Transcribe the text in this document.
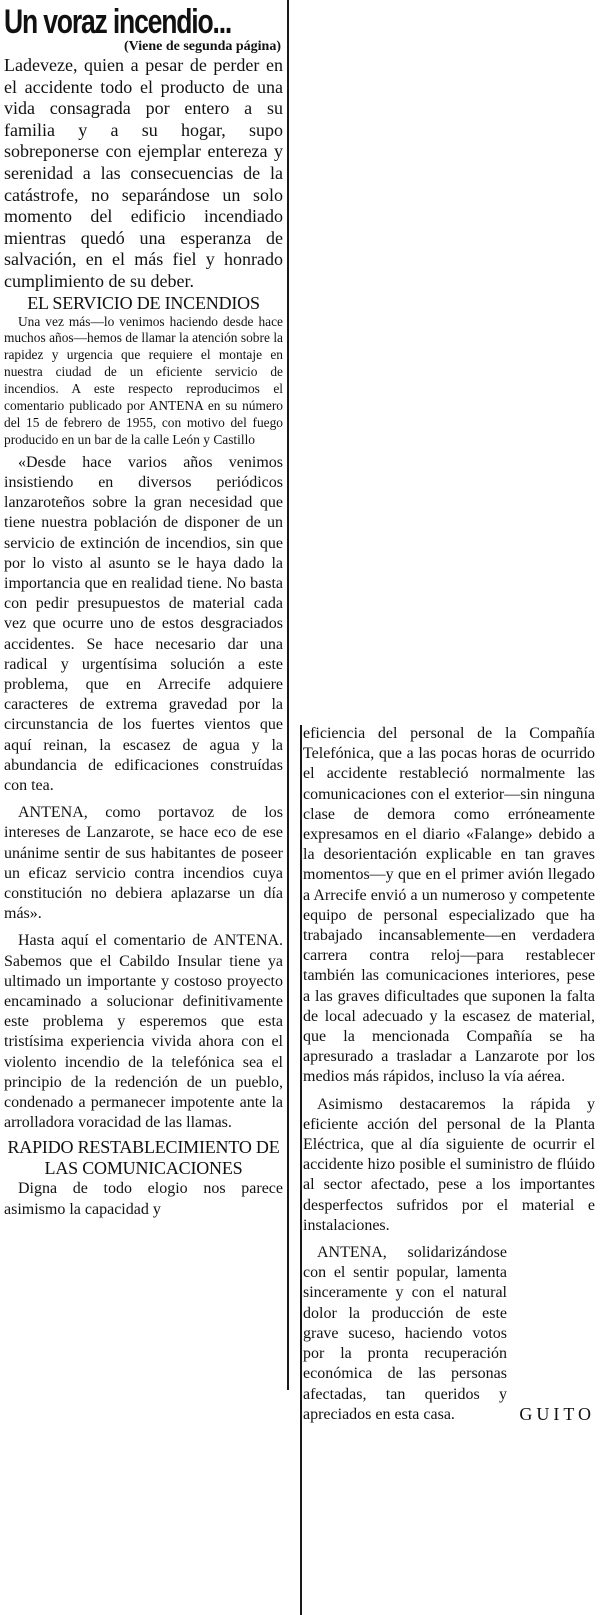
Un voraz incendio...
(Viene de segunda página)

Ladeveze, quien a pesar de perder en el accidente todo el producto de una vida consagrada por entero a su familia y a su hogar, supo sobreponerse con ejemplar entereza y serenidad a las consecuencias de la catástrofe, no separándose un solo momento del edificio incendiado mientras quedó una esperanza de salvación, en el más fiel y honrado cumplimiento de su deber.

EL SERVICIO DE INCENDIOS

Una vez más—lo venimos haciendo desde hace muchos años—hemos de llamar la atención sobre la rapidez y urgencia que requiere el montaje en nuestra ciudad de un eficiente servicio de incendios. A este respecto reproducimos el comentario publicado por ANTENA en su número del 15 de febrero de 1955, con motivo del fuego producido en un bar de la calle León y Castillo

«Desde hace varios años venimos insistiendo en diversos periódicos lanzaroteños sobre la gran necesidad que tiene nuestra población de disponer de un servicio de extinción de incendios, sin que por lo visto al asunto se le haya dado la importancia que en realidad tiene. No basta con pedir presupuestos de material cada vez que ocurre uno de estos desgraciados accidentes. Se hace necesario dar una radical y urgentísima solución a este problema, que en Arrecife adquiere caracteres de extrema gravedad por la circunstancia de los fuertes vientos que aquí reinan, la escasez de agua y la abundancia de edificaciones construídas con tea.

ANTENA, como portavoz de los intereses de Lanzarote, se hace eco de ese unánime sentir de sus habitantes de poseer un eficaz servicio contra incendios cuya constitución no debiera aplazarse un día más».

Hasta aquí el comentario de ANTENA. Sabemos que el Cabildo Insular tiene ya ultimado un importante y costoso proyecto encaminado a solucionar definitivamente este problema y esperemos que esta tristísima experiencia vivida ahora con el violento incendio de la telefónica sea el principio de la redención de un pueblo, condenado a permanecer impotente ante la arrolladora voracidad de las llamas.

RAPIDO RESTABLECIMIENTO DE LAS COMUNICACIONES

Digna de todo elogio nos parece asimismo la capacidad y

eficiencia del personal de la Compañía Telefónica, que a las pocas horas de ocurrido el accidente restableció normalmente las comunicaciones con el exterior—sin ninguna clase de demora como erróneamente expresamos en el diario «Falange» debido a la desorientación explicable en tan graves momentos—y que en el primer avión llegado a Arrecife envió a un numeroso y competente equipo de personal especializado que ha trabajado incansablemente—en verdadera carrera contra reloj—para restablecer también las comunicaciones interiores, pese a las graves dificultades que suponen la falta de local adecuado y la escasez de material, que la mencionada Compañía se ha apresurado a trasladar a Lanzarote por los medios más rápidos, incluso la vía aérea.

Asimismo destacaremos la rápida y eficiente acción del personal de la Planta Eléctrica, que al día siguiente de ocurrir el accidente hizo posible el suministro de flúido al sector afectado, pese a los importantes desperfectos sufridos por el material e instalaciones.

ANTENA, solidarizándose con el sentir popular, lamenta sinceramente y con el natural dolor la producción de este grave suceso, haciendo votos por la pronta recuperación económica de las personas afectadas, tan queridos y apreciados en esta casa.	GUITO
